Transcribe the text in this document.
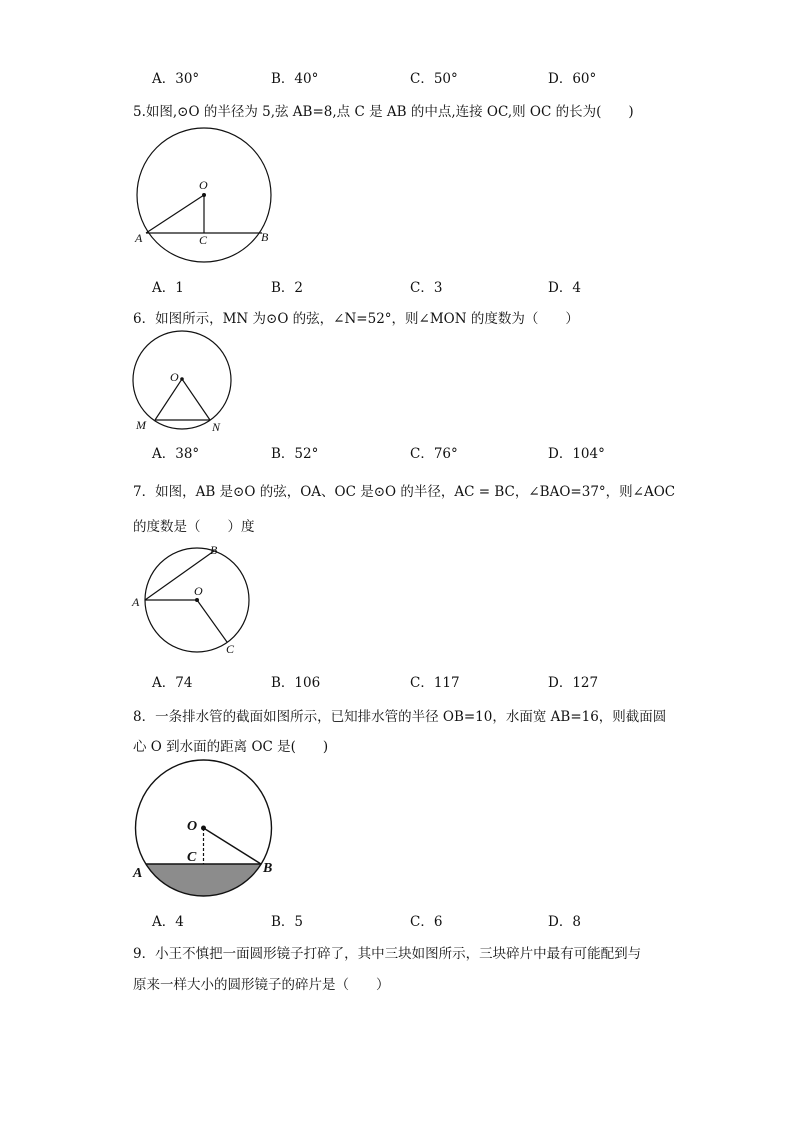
A．30°	B．40°	C．50°	D．60°
5.如图,⊙O 的半径为 5,弦 AB=8,点 C 是 AB 的中点,连接 OC,则 OC 的长为(　　)
O
A	C	B
A．1	B．2	C．3	D．4
6．如图所示，MN 为⊙O 的弦，∠N=52°，则∠MON 的度数为（　　）
O
M	N
A．38°	B．52°	C．76°	D．104°
7．如图，AB 是⊙O 的弦，OA、OC 是⊙O 的半径，AC = BC，∠BAO=37°，则∠AOC
的度数是（　　）度
O
A
B
C
A．74	B．106	C．117	D．127
8．一条排水管的截面如图所示，已知排水管的半径 OB=10，水面宽 AB=16，则截面圆
心 O 到水面的距离 OC 是(　　)
O
C
A	B
A．4	B．5	C．6	D．8
9．小王不慎把一面圆形镜子打碎了，其中三块如图所示，三块碎片中最有可能配到与
原来一样大小的圆形镜子的碎片是（　　）
